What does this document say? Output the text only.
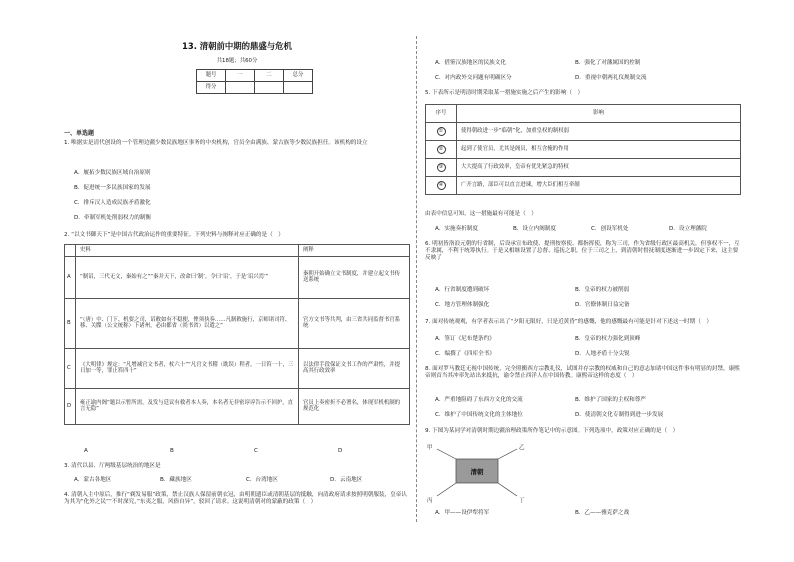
13. 清朝前中期的鼎盛与危机
共18题；共60分
题号	一	二	总分
得分			
一、单选题
1. 唯据实是清代创设的一个管理边疆少数民族地区事务的中央机构，官员全由满族、蒙古族等少数民族担任。该机构的设立
A．履拓少数民族区域自治原则
B．促进统一多民族国家的发展
C．排斥汉人造成民族矛盾激化
D．牵制军机处削弱权力的制衡
2. “以文书御天下”是中国古代政治运作的重要特征。下列史料与阐释对应正确的是（　）
	史料	阐释
A	“制诏，三代无文，秦始有之”“秦并天下，改命曰‘制’，令曰‘诏’，于是‘诏兴焉’”	秦朝开始确立文书制度，并建立起文书传送系统
B	“（唐）中、门下、机要之司，诏敕如有不稳便，俾须执奏……凡制敕施行，京师诸司符、移、关牒（公文统称）下诸州，必由都省（尚书省）以遣之”	官方文书等共判，由三省共同监督书官系统
C	《大明律》规定：“凡增减官文书者，杖六十”“凡官文书稽（耽误）程者，一日笞一十，三日加一等，罪止笞四十”	以法律手段保证文书工作的严肃性，并提高其行政效率
D	雍正谕内阁“题以示暂所需，及发与廷议有救者本人奏，本名者无非密谆谆告示不回护，直言无隐”	官员上奏密折不必署名，体现军机机制的规范化
A	B	C	D
3. 清代以县、厅两级基层统治的地区是
A．蒙古各地区	B．藏族地区	C．台湾地区	D．云南地区
4. 清朝入主中原后，推行“剃发易服”政策，禁止汉族人保留前朝衣冠，由明朝遗臣或清朝基层的抵触，向清政府请求按照明朝服装，皇帝认为其为“化外之民”“不时深究，”东夷之服，风俗自异”，驳回了请求。这说明清朝对的蒙蔽的政策（　）
A．借鉴汉族地区的民族文化	B．强化了对藩属国的控制
C．对内政外交问题有明确区分	D．重视中朝两礼仪规制交流
5. 下表所示是明清时期采取某一措施实施之后产生的影响（　）
序号	影响
①	使得朝政进一步“临朝”化，加重皇权的制权弱
②	起到了使官员，尤其是阁员，相互含掩的作用
③	大大提高了行政效率，皇帝有优先紧急的特权
④	广开言路，部臣可以直言进谏，增大臣们相互牵制
由表中信息可知，这一措施最有可能是（　）
A．实施奏折制度	B．设立内阁制度	C．创设军机处	D．设立理藩院
6. 明初皆洛浪元朝的行省制，后设承宣布政使、提刑按察使、都指挥使，称为三司，作为省级行政区最高机关，但事权不一，互不隶属，不利于统筹执行。于是又相继设置了总督、巡抚之职，位于三司之上，到清朝时督抚制度逐渐进一步固定下来，这主要反映了
A．行省制度遭到破坏	B．皇帝的权力被削弱
C．地方管理体制强化	D．官僚体制日益完备
7. 面对传统观观，有学者表示出了“夕阳无限好，只是近黄昏”的感慨，他的感慨最有可能是针对下述这一时期（　）
A．签订《尼布楚条约》	B．皇帝的权力强化到顶峰
C．编撰了《四库全书》	D．人地矛盾十分尖锐
8. 面对罗马教廷无视中国传统，完全照搬西方宗教礼仪，试图并存宗教的权威和自己的意志加诸中国这件事有明显的封禁，康熙帝则首当其冲率先站出来抵抗，谕令禁止西洋人在中国传教。康熙帝这样的态度（　）
A．严重地阻碍了东西方文化的交流	B．维护了国家的主权和尊严
C．维护了中国传统文化的主体地位	D．使清朝文化专制得到进一步发展
9. 下图为某同学对清朝时期边疆治理政策所作笔记中的示意图。下列选项中，政策对应正确的是（　）
清朝
甲	乙
丙	丁
A．甲——设伊犁将军	B．乙——雅克萨之战
